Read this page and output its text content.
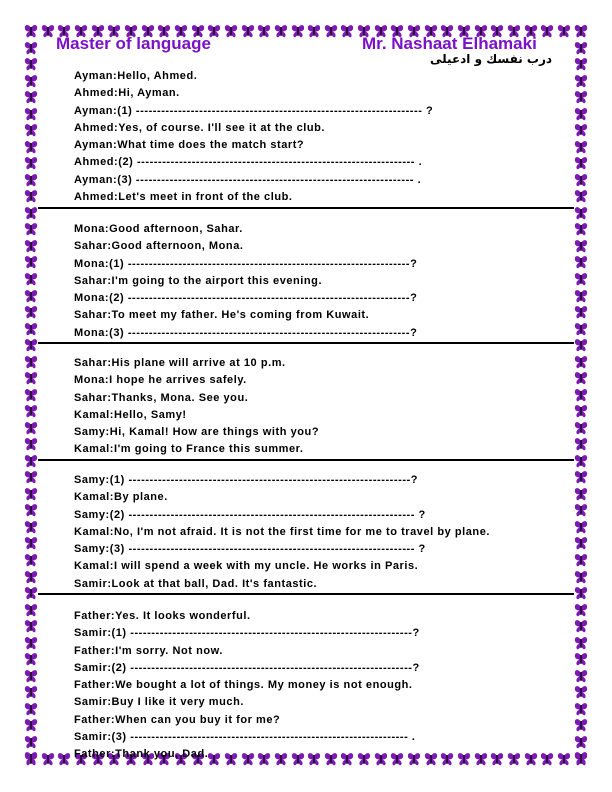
Master of language	Mr. Nashaat Elhamaki
درب نفسك و ادعيلى
Ayman:Hello, Ahmed.
Ahmed:Hi, Ayman.
Ayman:(1) -------------------------------------------------------------------- ?
Ahmed:Yes, of course. I'll see it at the club.
Ayman:What time does the match start?
Ahmed:(2) ------------------------------------------------------------------ .
Ayman:(3) ------------------------------------------------------------------ .
Ahmed:Let's meet in front of the club.
Mona:Good afternoon, Sahar.
Sahar:Good afternoon, Mona.
Mona:(1) -------------------------------------------------------------------?
Sahar:I'm going to the airport this evening.
Mona:(2) -------------------------------------------------------------------?
Sahar:To meet my father. He's coming from Kuwait.
Mona:(3) -------------------------------------------------------------------?
Sahar:His plane will arrive at 10 p.m.
Mona:I hope he arrives safely.
Sahar:Thanks, Mona. See you.
Kamal:Hello, Samy!
Samy:Hi, Kamal! How are things with you?
Kamal:I'm going to France this summer.
Samy:(1) -------------------------------------------------------------------?
Kamal:By plane.
Samy:(2) -------------------------------------------------------------------- ?
Kamal:No, I'm not afraid. It is not the first time for me to travel by plane.
Samy:(3) -------------------------------------------------------------------- ?
Kamal:I will spend a week with my uncle. He works in Paris.
Samir:Look at that ball, Dad. It's fantastic.
Father:Yes. It looks wonderful.
Samir:(1) -------------------------------------------------------------------?
Father:I'm sorry. Not now.
Samir:(2) -------------------------------------------------------------------?
Father:We bought a lot of things. My money is not enough.
Samir:Buy I like it very much.
Father:When can you buy it for me?
Samir:(3) ------------------------------------------------------------------ .
Father:Thank you, Dad.
